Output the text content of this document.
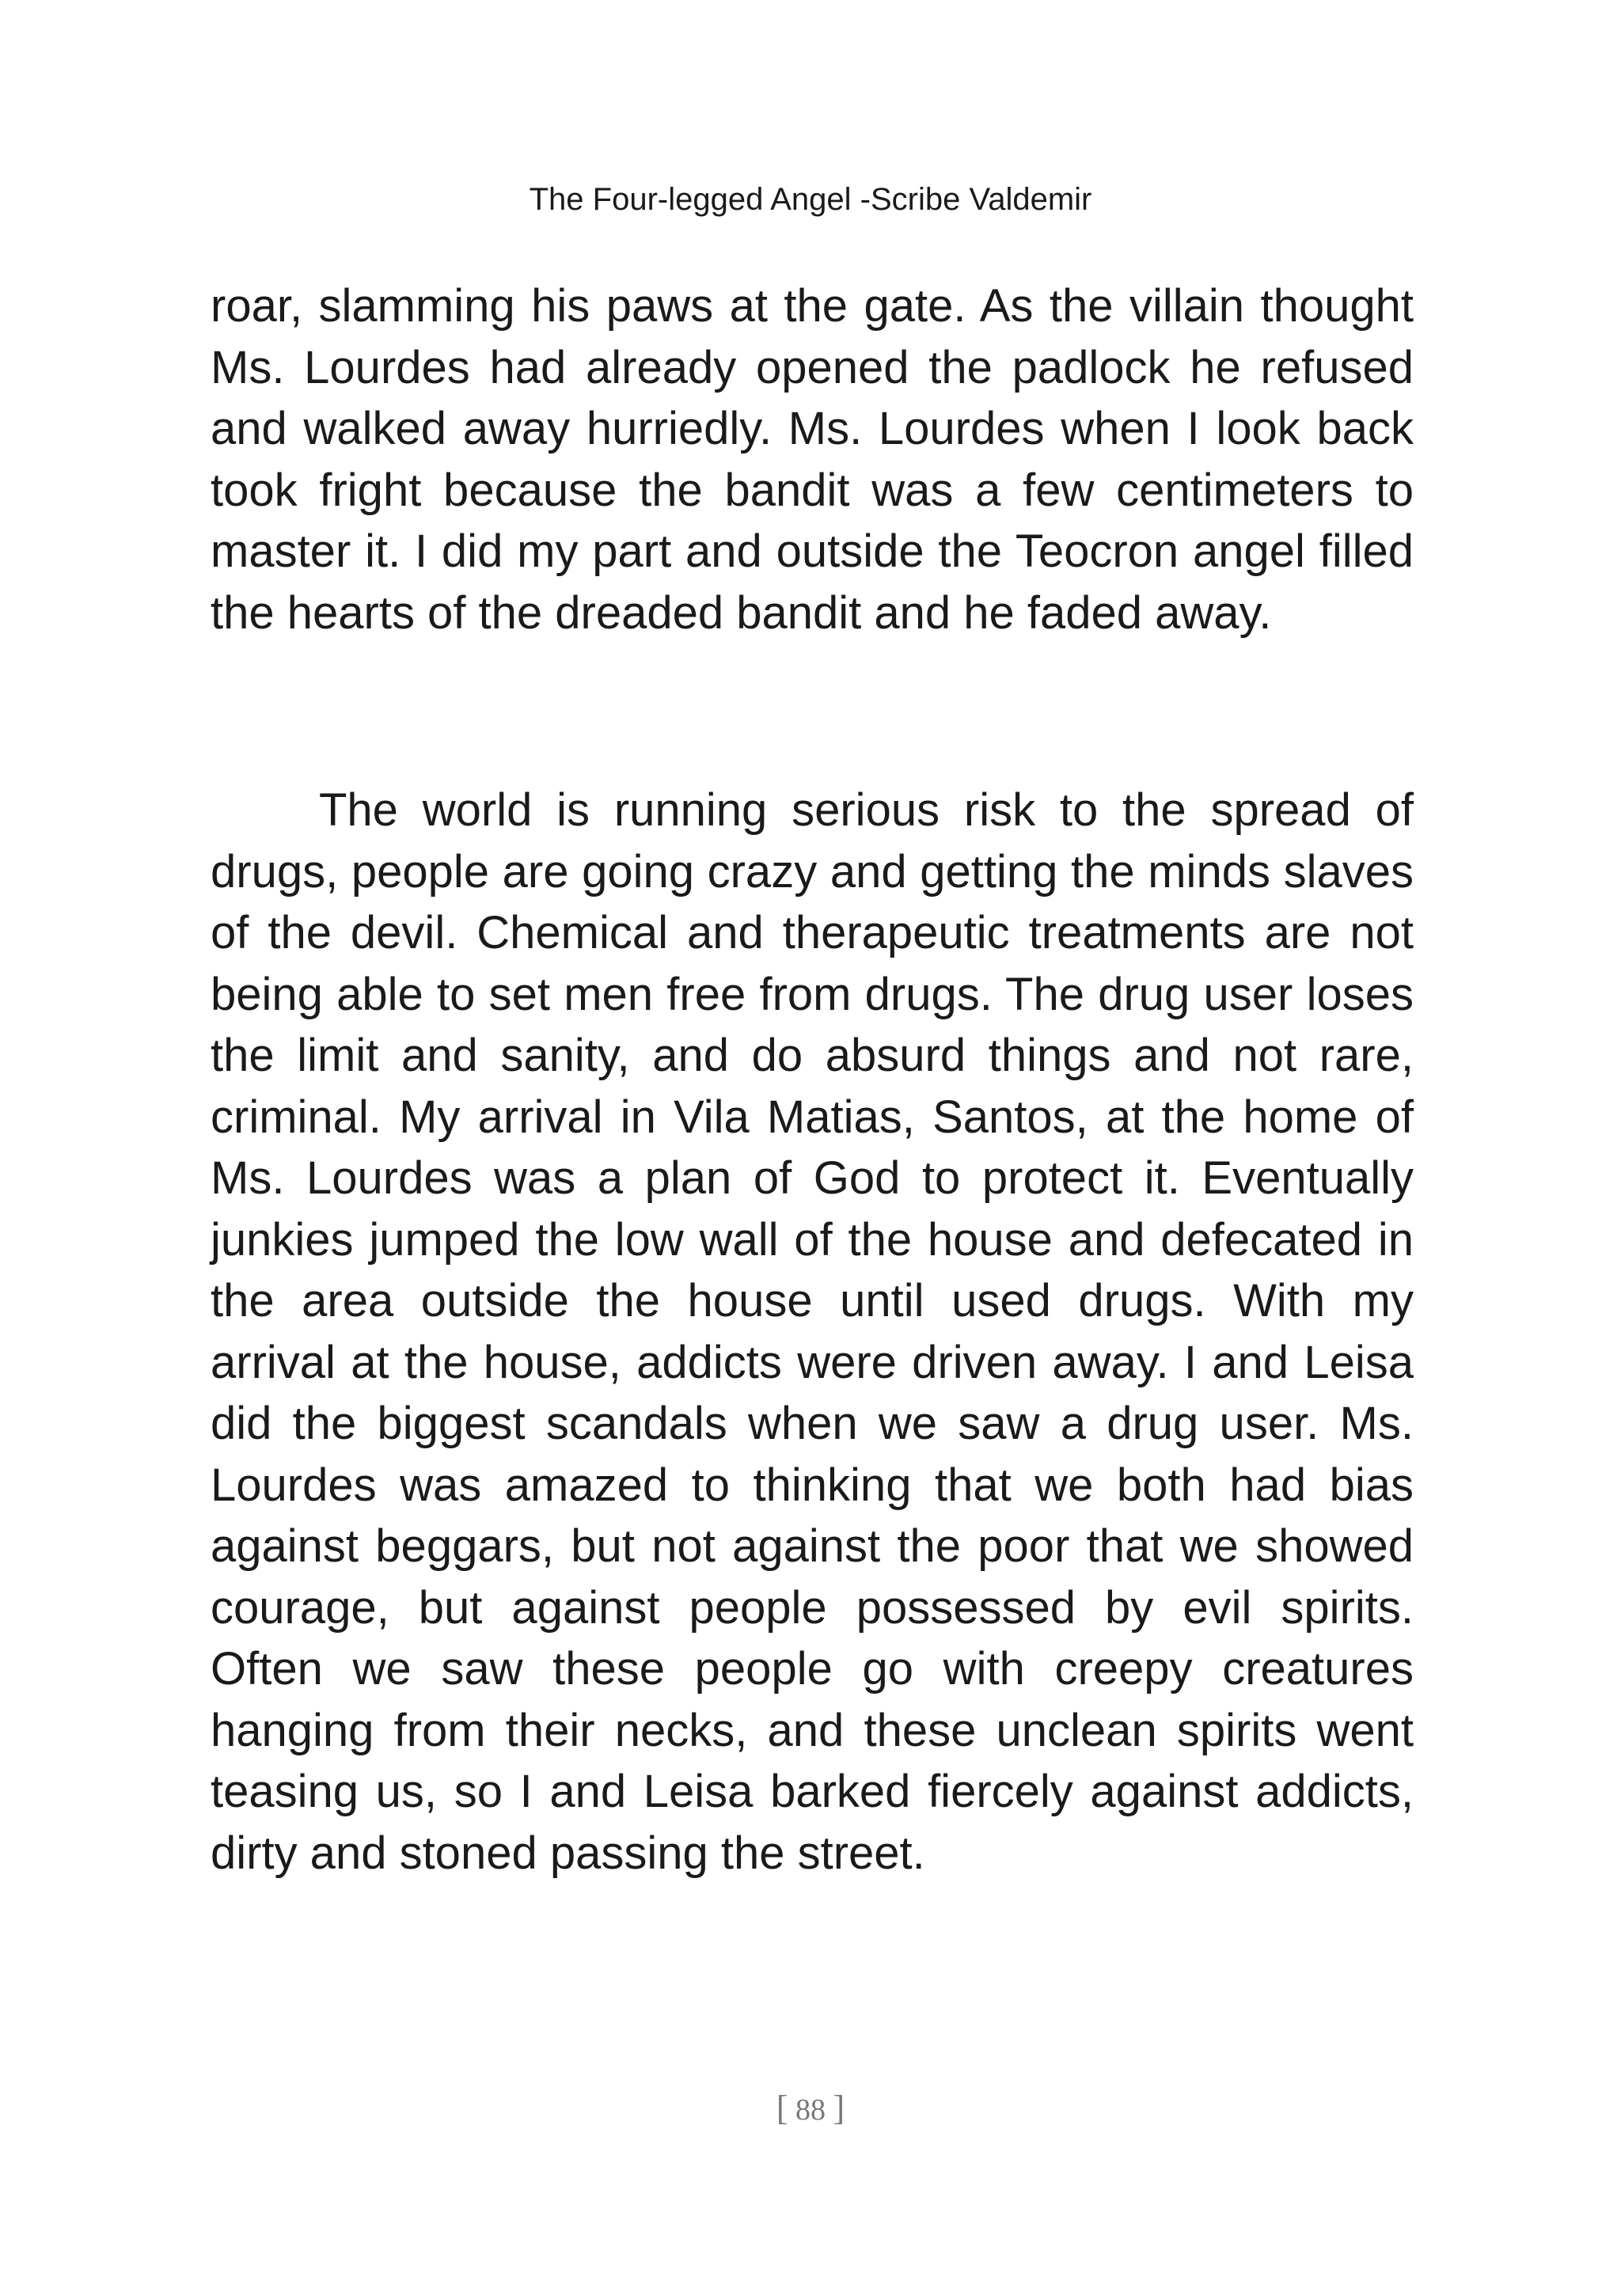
The Four-legged Angel -Scribe Valdemir

roar, slamming his paws at the gate. As the villain thought Ms. Lourdes had already opened the padlock he refused and walked away hurriedly. Ms. Lourdes when I look back took fright because the bandit was a few centimeters to master it. I did my part and outside the Teocron angel filled the hearts of the dreaded bandit and he faded away.

The world is running serious risk to the spread of drugs, people are going crazy and getting the minds slaves of the devil. Chemical and therapeutic treatments are not being able to set men free from drugs. The drug user loses the limit and sanity, and do absurd things and not rare, criminal. My arrival in Vila Matias, Santos, at the home of Ms. Lourdes was a plan of God to protect it. Eventually junkies jumped the low wall of the house and defecated in the area outside the house until used drugs. With my arrival at the house, addicts were driven away. I and Leisa did the biggest scandals when we saw a drug user. Ms. Lourdes was amazed to thinking that we both had bias against beggars, but not against the poor that we showed courage, but against people possessed by evil spirits. Often we saw these people go with creepy creatures hanging from their necks, and these unclean spirits went teasing us, so I and Leisa barked fiercely against addicts, dirty and stoned passing the street.

[ 88 ]
